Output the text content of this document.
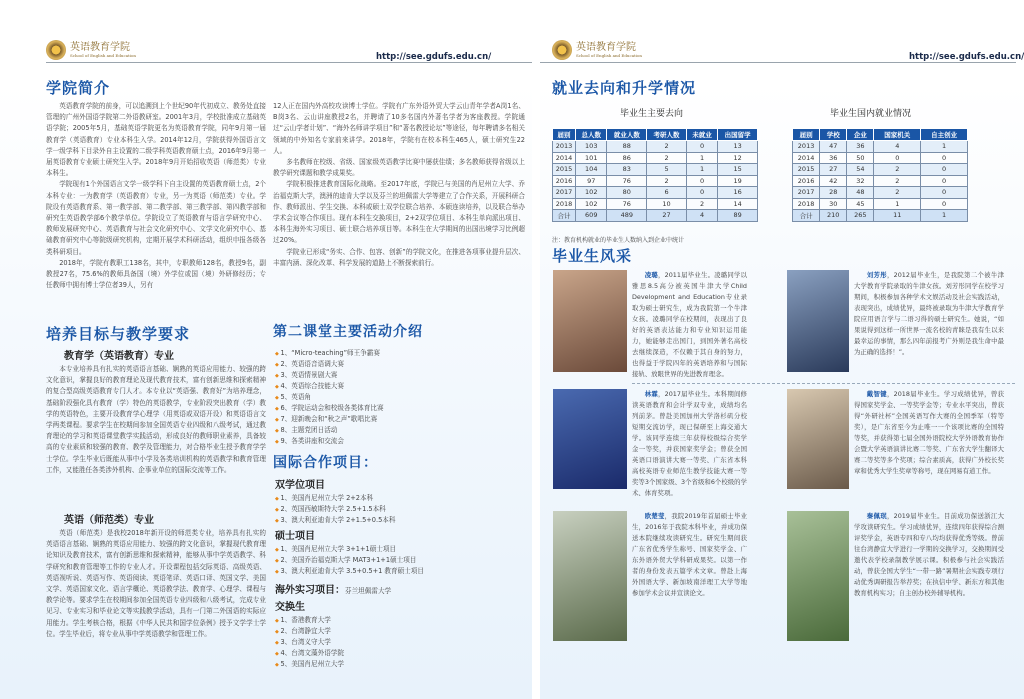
英语教育学院
School of English and Education
学院简介

英语教育学院的前身，可以追溯到上个世纪90年代初成立、教务处直接管理的广州外国语学院第二外语教研室。2001年3月，学校批准成立基础英语学院；2005年5月，基础英语学院更名为英语教育学院，同年9月第一届教育学（英语教育）专业本科生入学。2014年12月，学院获得外国语言文学一级学科下目录外自主设置的二级学科英语教育硕士点，2016年9月第一届英语教育专业硕士研究生入学。2018年9月开始招收英语（师范类）专业本科生。

学院现有1个外国语言文学一级学科下自主设置的英语教育硕士点，2个本科专业：一为教育学（英语教育）专业，另一为英语（师范类）专业。学院设有英语教育系、第一教学部、第二教学部、第三教学部、第四教学部和研究生英语教学部6个教学单位。学院设立了英语教育与语言学研究中心、教师发展研究中心、英语教育与社会文化研究中心、文学文化研究中心、基础教育研究中心等院级研究机构，定期开展学术科研活动，组织申报各级各类科研项目。

2018年，学院有教职工138名，其中，专职教师128名，教授9名，副教授27名，75.6%的教师具备国（境）外学位或国（境）外研修经历；专任教师中拥有博士学位者39人，另有

培养目标与教学要求
教育学（英语教育）专业

本专业培养具有扎实的英语语言基础、娴熟的英语应用能力、较强的跨文化意识，掌握良好的教育理论及现代教育技术，富有创新思维和探索精神的复合型高级英语教育专门人才。本专业以“英语强、教育好”为培养理念，基础阶段强化具有教育（学）特色的英语教学，专业阶段突出教育（学）教学的英语特色，主要开设教育学心理学（用英语或双语开设）和英语语言文学两类课程。要求学生在校期间参加全国英语专业四级和八级考试，通过教育理论的学习和英语课堂教学实践活动，形成良好的教师职业素养，具备较高的专业素质和较强的教育、教学及管理能力，对合格毕业生授予教育学学士学位。学生毕业后既能从事中小学及各类培训机构的英语教学和教育管理工作，又能胜任各类涉外机构、企事业单位的国际交流等工作。

英语（师范类）专业

英语（师范类）是我校2018年新开设的师范类专业，培养具有扎实的英语语言基础、娴熟的英语应用能力、较强的跨文化意识，掌握现代教育理论知识及教育技术，富有创新思维和探索精神，能够从事中学英语教学、科学研究和教育管理等工作的专业人才。开设课程包括交际英语、高级英语、英语视听说、英语写作、英语阅读、英语笔译、英语口译、英国文学、美国文学、英语国家文化、语言学概论、英语教学法、教育学、心理学、课程与教学论等。要求学生在校期间参加全国英语专业四级和八级考试，完成专业见习、专业实习和毕业论文等实践教学活动，具有一门第二外国语的实际应用能力。学生考核合格，根据《中华人民共和国学位条例》授予文学学士学位。学生毕业后，将专业从事中学英语教学和管理工作。

12人正在国内外高校攻读博士学位。学院有广东外语外贸大学云山青年学者A岗1名、B岗3名、云山讲座教授2名，并聘请了10多名国内外著名学者为客座教授。学院通过“云山学者计划”、“海外名师讲学项目”和“著名教授论坛”等途径，每年聘请多名相关领域的中外知名专家前来讲学。2018年，学院有在校本科生465人，硕士研究生22人。

多名教师在校级、省级、国家级英语教学比赛中屡获佳绩；多名教师获得省级以上教学研究课题和教学成果奖。

学院积极推进教育国际化战略。至2017年底，学院已与美国的肖尼州立大学、乔治福克斯大学，澳洲的迪肯大学以及芬兰的坦佩雷大学等建立了合作关系，开展科研合作、教师派出、学生交换、本科或硕士双学位联合培养、本硕连读培养，以及联合举办学术会议等合作项目。现有本科生交换项目，2+2双学位项目、本科生单向派出项目、本科生海外实习项目、硕士联合培养项目等。本科生在大学期间的出国出境学习比例超过20%。

学院业已形成“务实、合作、包容、创新”的学院文化，在推进各项事业提升层次、丰富内涵、深化改革、科学发展的道路上不断探索前行。

第二课堂主要活动介绍
◆ 1、“Micro-teaching”师王争霸赛
◆ 2、英语语音语调大赛
◆ 3、英语情景剧大赛
◆ 4、英语综合技能大赛
◆ 5、英语角
◆ 6、学院运动会和校级各类体育比赛
◆ 7、迎新晚会和“秋之声”歌唱比赛
◆ 8、主题党团日活动
◆ 9、各类讲座和交流会
国际合作项目：
双学位项目
◆ 1、美国肖尼州立大学 2+2本科
◆ 2、英国西敏斯特大学 2.5+1.5本科
◆ 3、澳大利亚迪肯大学 2+1.5+0.5本科
硕士项目
◆ 1、美国肖尼州立大学 3+1+1硕士项目
◆ 2、美国乔治福克斯大学 MAT3+1+1硕士项目
◆ 3、澳大利亚迪肯大学 3.5+0.5+1 教育硕士项目
海外实习项目：芬兰坦佩雷大学
交换生
◆ 1、香港教育大学
◆ 2、台湾静宜大学
◆ 3、台湾义守大学
◆ 4、台湾文藻外语学院
◆ 5、美国肖尼州立大学
http://see.gdufs.edu.cn/
英语教育学院
School of English and Education	http://see.gdufs.edu.cn/
就业去向和升学情况
毕业生主要去向
届别	总人数	就业人数	考研人数	未就业	出国留学
2013	103	88	2	0	13
2014	101	86	2	1	12
2015	104	83	5	1	15
2016	97	76	2	0	19
2017	102	80	6	0	16
2018	102	76	10	2	14
合计	609	489	27	4	89
毕业生国内就业情况
届别	学校	企业	国家机关	自主创业
2013	47	36	4	1
2014	36	50	0	0
2015	27	54	2	0
2016	42	32	2	0
2017	28	48	2	0
2018	30	45	1	0
合计	210	265	11	1
注：教育机构就业的毕业生人数纳入到企业中统计
毕业生风采
凌璐，2011届毕业生。凌璐同学以雅思8.5高分被英国牛津大学Child Development and Education专业录取为硕士研究生，成为我院第一个牛津女孩。凌璐同学在校期间，表现出了良好的英语表达能力和专业知识运用能力，她能够走出国门，到国外著名高校去继续深造，不仅赖于其自身的努力，也得益于学院四年的英语培养和与国际接轨、放眼世界的先进教育理念。
刘芳彤，2012届毕业生，是我院第二个被牛津大学教育学院录取的牛津女孩。刘芳彤同学在校学习期间，积极参加各种学术文娱活动及社会实践活动，表现突出，成绩优异，最终被录取为牛津大学教育学院应用语言学与二语习得的硕士研究生。她说，“如果说得到这样一所世界一流名校的青睐是我有生以来最幸运的事情，那么四年前报考广外则是我生命中最为正确的选择！”。
林霖，2017届毕业生。本科期间修读英语教育和会计学双专业，成绩均名列前茅。曾赴美国加州大学洛杉矶分校短期交流访学，现已保研至上海交通大学。该同学连续三年获得校级综合奖学金一等奖，并获国家奖学金；曾获全国英语口语演讲大赛一等奖、广东省本科高校英语专业师范生教学技能大赛一等奖等3个国家级、3个省级和6个校级的学术、体育奖项。
戴智键，2018届毕业生。学习成绩优异，曾获得国家奖学金、一等奖学金等；专业水平突出，曾获得“外研社杯”全国英语写作大赛的全国季军（特等奖），是广东省至今为止唯一一个该项比赛的全国特等奖，并获得第七届全国外语院校大学外语教育协作会暨大学英语演讲比赛二等奖、广东省大学生翻译大赛二等奖等多个奖项；综合素质高，获得广外校长奖章和优秀大学生奖章等称号，现在网易有道工作。
欧楚莹，我院2019年首届硕士毕业生，2016年于我院本科毕业，并成功保送本院继续攻读研究生。研究生期间获广东省优秀学生称号、国家奖学金、广东外语外贸大学科研成果奖。以第一作者的身份发表五篇学术文章。曾赴上海外国语大学、新加坡南洋理工大学等地参加学术会议并宣读论文。
秦佩珉，2019届毕业生。目前成功保送浙江大学攻读研究生。学习成绩优异，连续四年获得综合测评奖学金，英语专四和专八均均获得优秀等级。曾前往台湾静宜大学进行一学期的交换学习，交换期间受邀代表学校录制教学展示课。积极参与社会实践活动，曾获全国大学生“一带一路”暑期社会实践专项行动优秀调研报告举荐奖；在执信中学、新东方和其他教育机构实习；自主创办校外辅导机构。
